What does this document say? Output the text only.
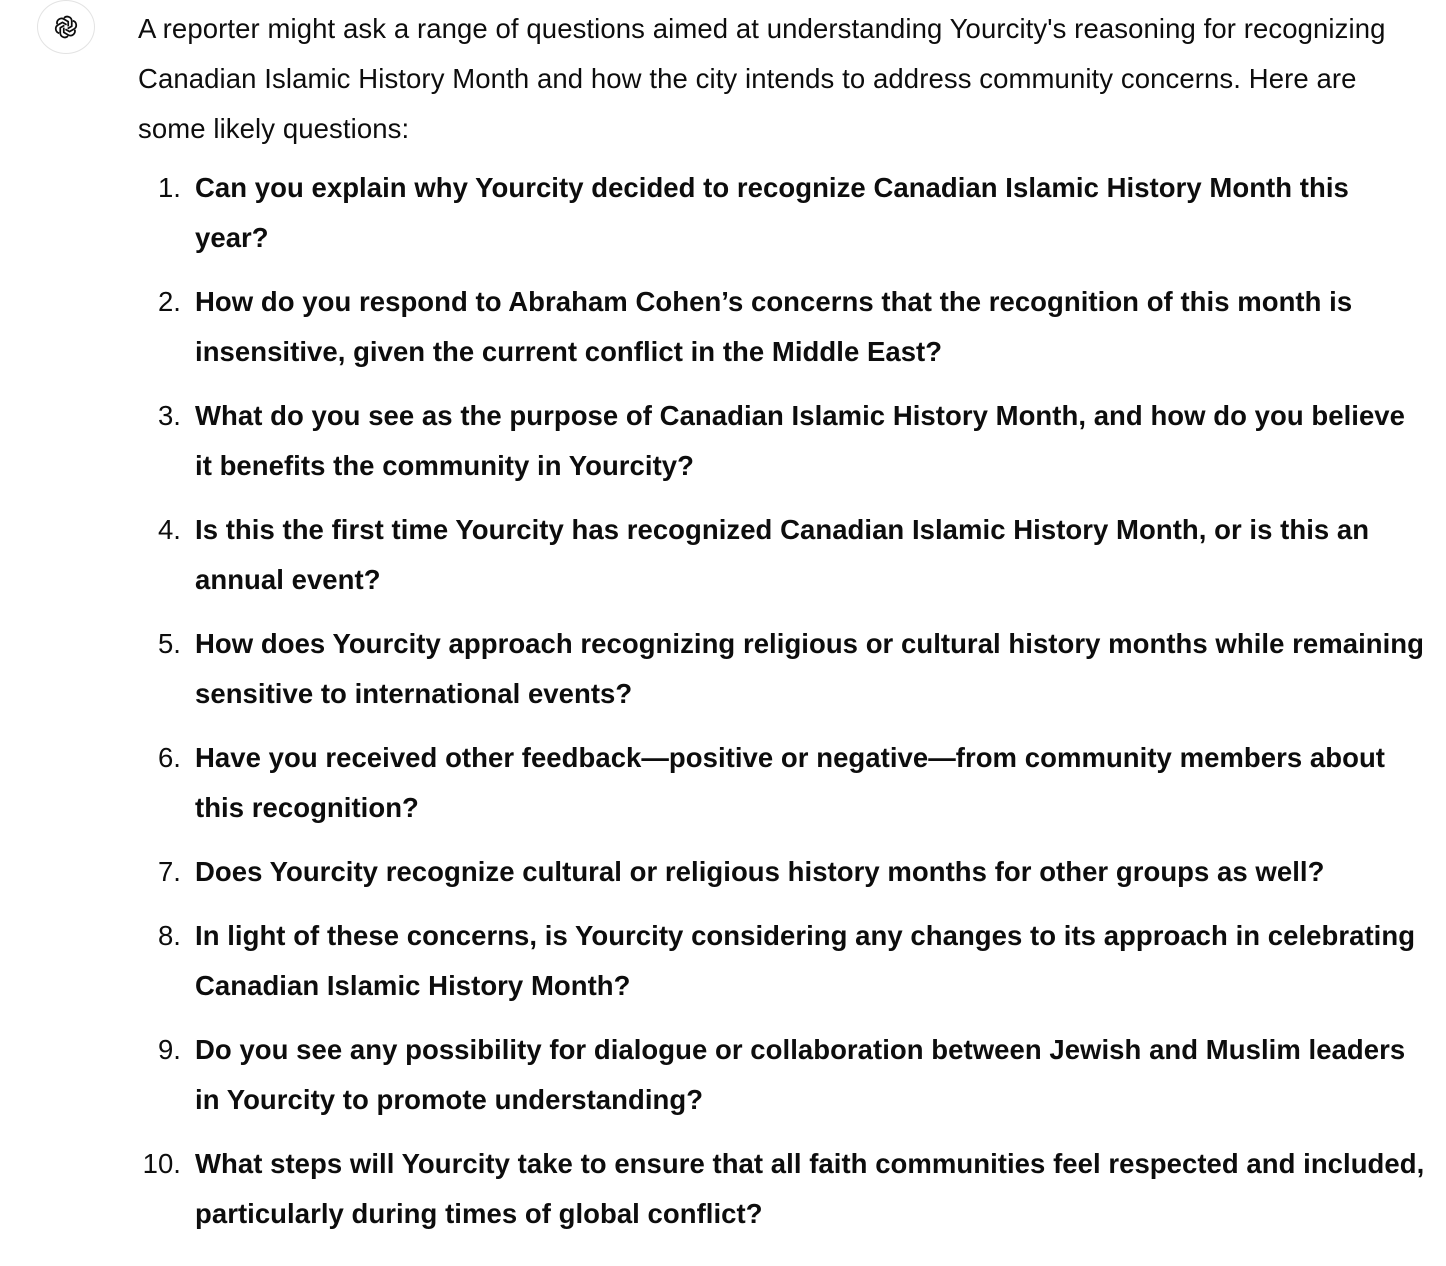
A reporter might ask a range of questions aimed at understanding Yourcity's reasoning for recognizing Canadian Islamic History Month and how the city intends to address community concerns. Here are some likely questions:

1. Can you explain why Yourcity decided to recognize Canadian Islamic History Month this year?
2. How do you respond to Abraham Cohen’s concerns that the recognition of this month is insensitive, given the current conflict in the Middle East?
3. What do you see as the purpose of Canadian Islamic History Month, and how do you believe it benefits the community in Yourcity?
4. Is this the first time Yourcity has recognized Canadian Islamic History Month, or is this an annual event?
5. How does Yourcity approach recognizing religious or cultural history months while remaining sensitive to international events?
6. Have you received other feedback—positive or negative—from community members about this recognition?
7. Does Yourcity recognize cultural or religious history months for other groups as well?
8. In light of these concerns, is Yourcity considering any changes to its approach in celebrating Canadian Islamic History Month?
9. Do you see any possibility for dialogue or collaboration between Jewish and Muslim leaders in Yourcity to promote understanding?
10. What steps will Yourcity take to ensure that all faith communities feel respected and included, particularly during times of global conflict?
